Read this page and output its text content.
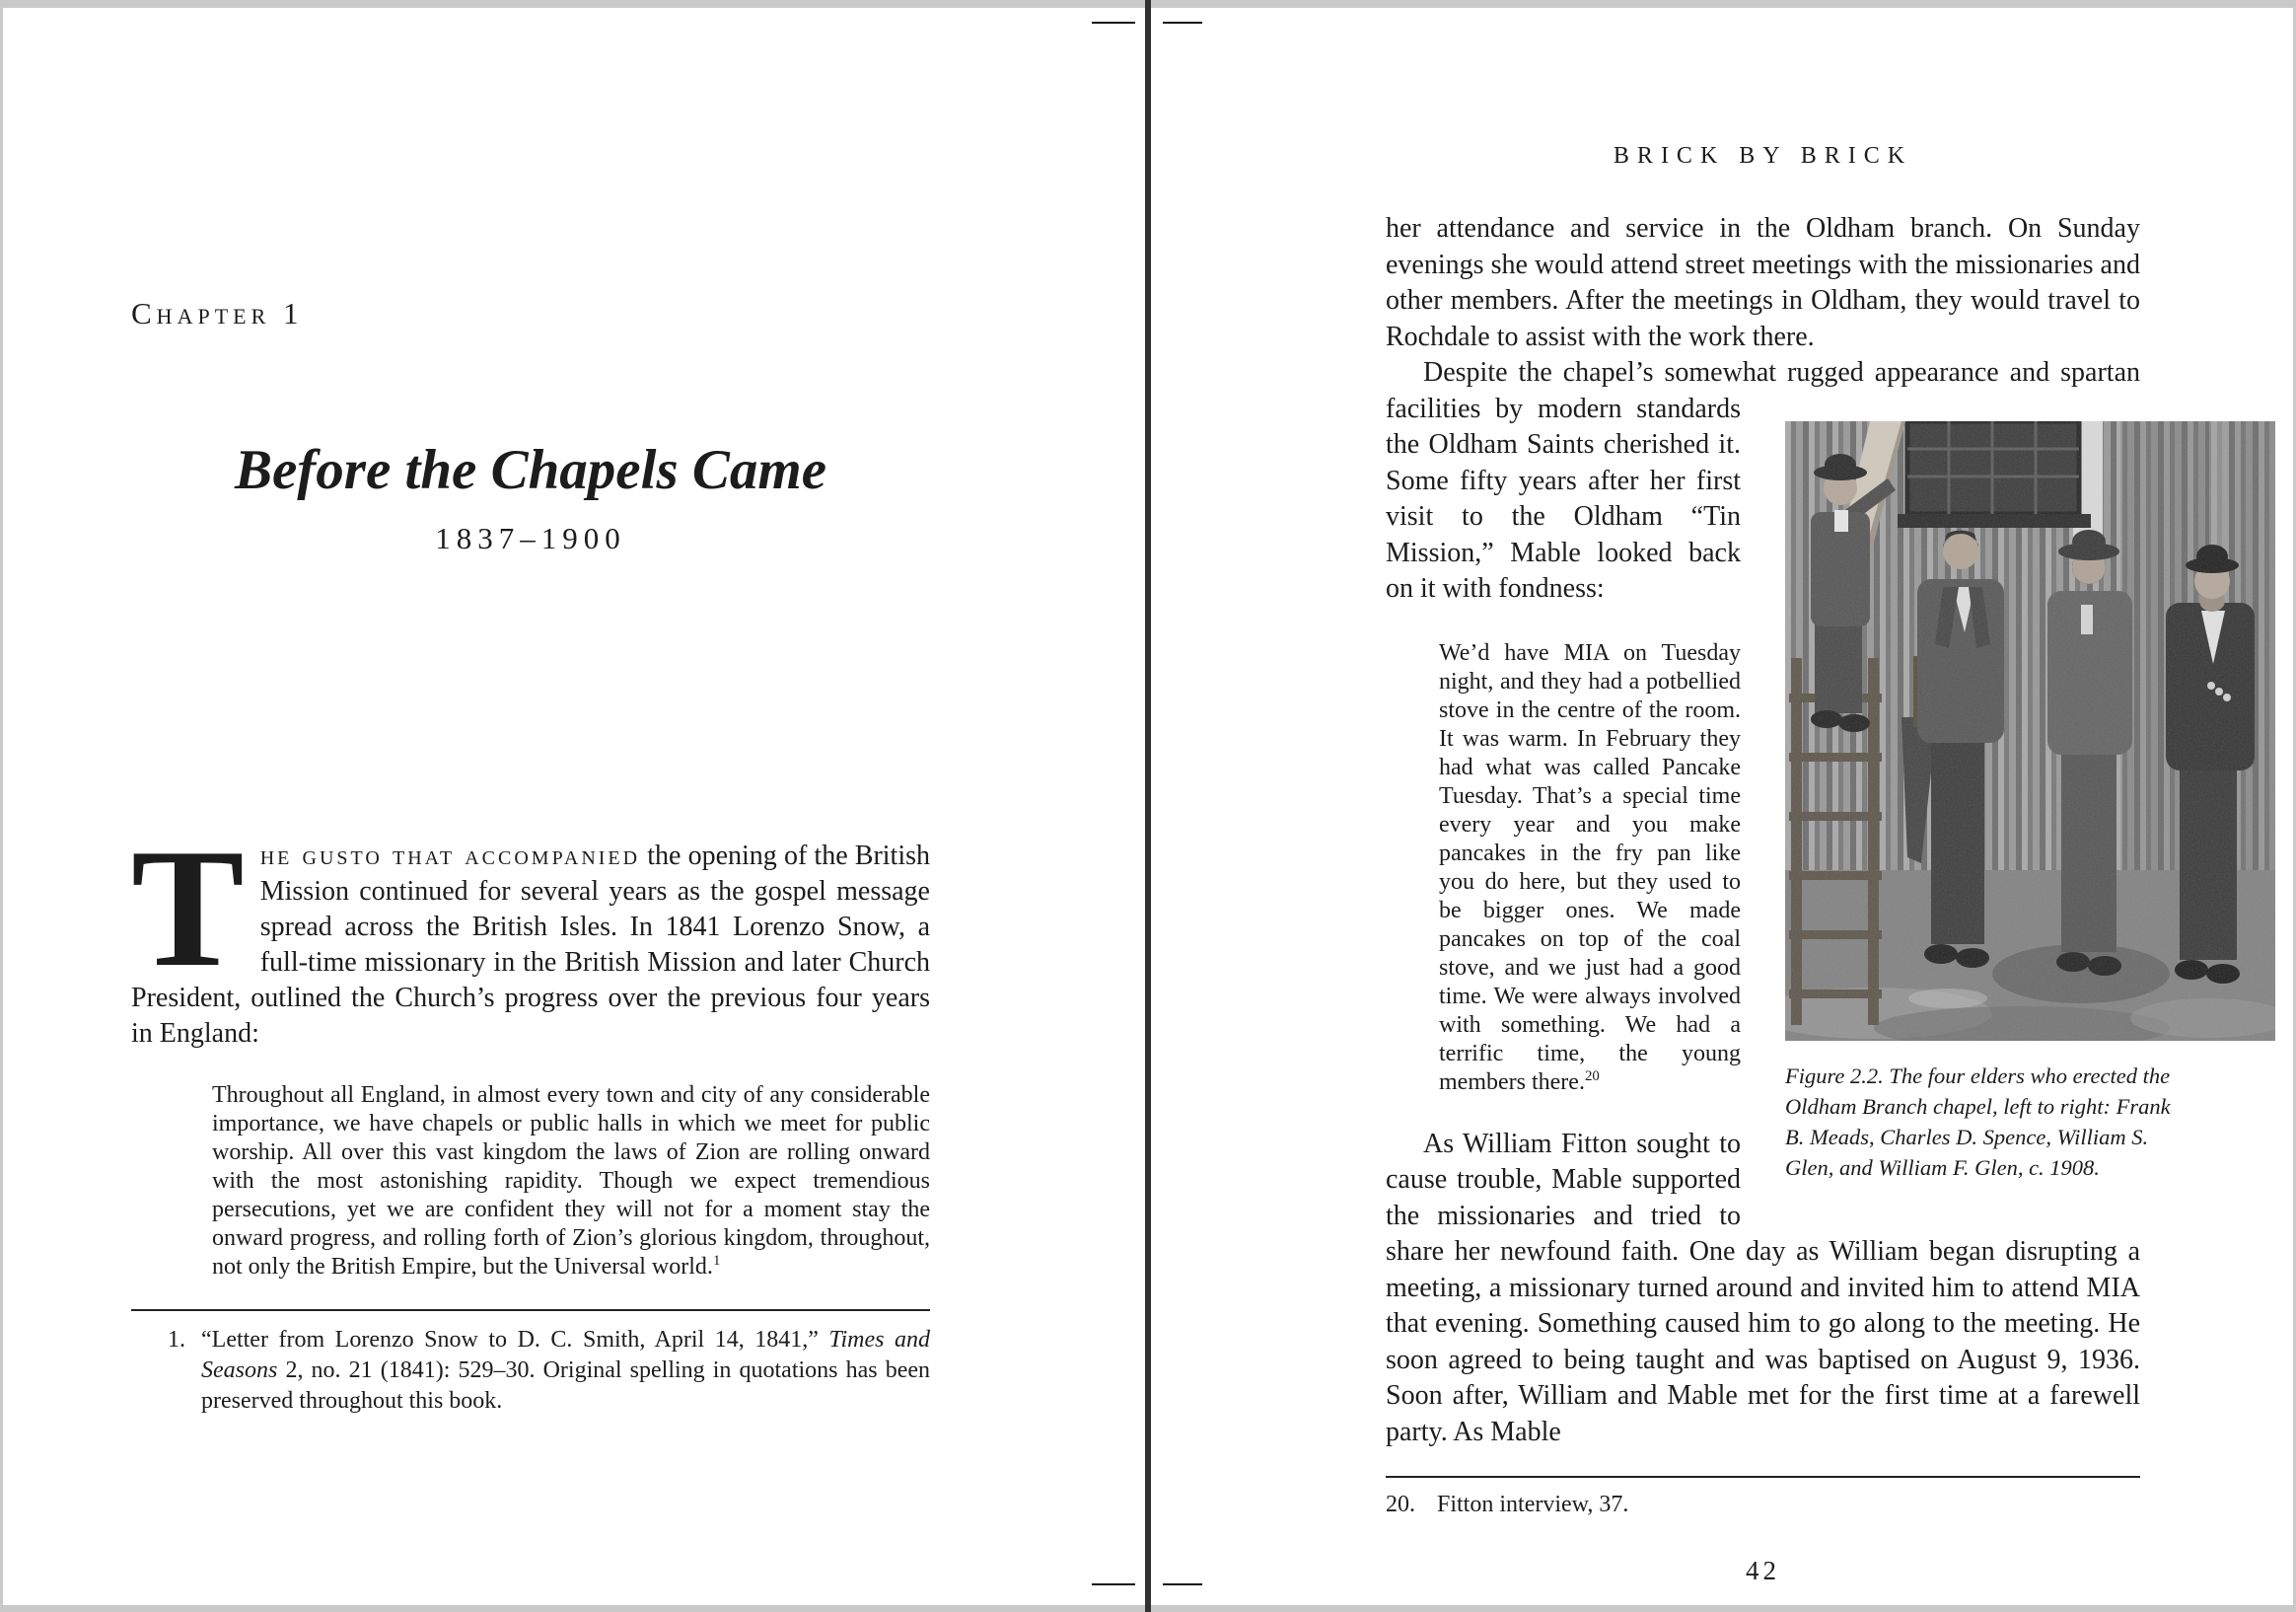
Chapter 1
Before the Chapels Came
1837–1900

The gusto that accompanied the opening of the British Mission continued for several years as the gospel message spread across the British Isles. In 1841 Lorenzo Snow, a full-time missionary in the British Mission and later Church President, outlined the Church’s progress over the previous four years in England:

Throughout all England, in almost every town and city of any considerable importance, we have chapels or public halls in which we meet for public worship. All over this vast kingdom the laws of Zion are rolling onward with the most astonishing rapidity. Though we expect tremendious persecutions, yet we are confident they will not for a moment stay the onward progress, and rolling forth of Zion’s glorious kingdom, throughout, not only the British Empire, but the Universal world.$^1$
1. “Letter from Lorenzo Snow to D. C. Smith, April 14, 1841,” Times and Seasons 2, no. 21 (1841): 529–30. Original spelling in quotations has been preserved throughout this book.
BRICK BY BRICK

her attendance and service in the Oldham branch. On Sunday evenings she would attend street meetings with the missionaries and other members. After the meetings in Oldham, they would travel to Rochdale to assist with the work there.

Despite the chapel’s somewhat rugged appearance and spartan

Figure 2.2. The four elders who erected the Oldham Branch chapel, left to right: Frank B. Meads, Charles D. Spence, William S. Glen, and William F. Glen, c. 1908.

facilities by modern standards the Oldham Saints cherished it. Some fifty years after her first visit to the Oldham “Tin Mission,” Mable looked back on it with fondness:

We’d have MIA on Tuesday night, and they had a potbellied stove in the centre of the room. It was warm. In February they had what was called Pancake Tuesday. That’s a special time every year and you make pancakes in the fry pan like you do here, but they used to be bigger ones. We made pancakes on top of the coal stove, and we just had a good time. We were always involved with something. We had a terrific time, the young members there.$^{20}$

As William Fitton sought to cause trouble, Mable supported the missionaries and tried to share her newfound faith. One day as William began disrupting a meeting, a missionary turned around and invited him to attend MIA that evening. Something caused him to go along to the meeting. He soon agreed to being taught and was baptised on August 9, 1936. Soon after, William and Mable met for the first time at a farewell party. As Mable

20. Fitton interview, 37.
42
